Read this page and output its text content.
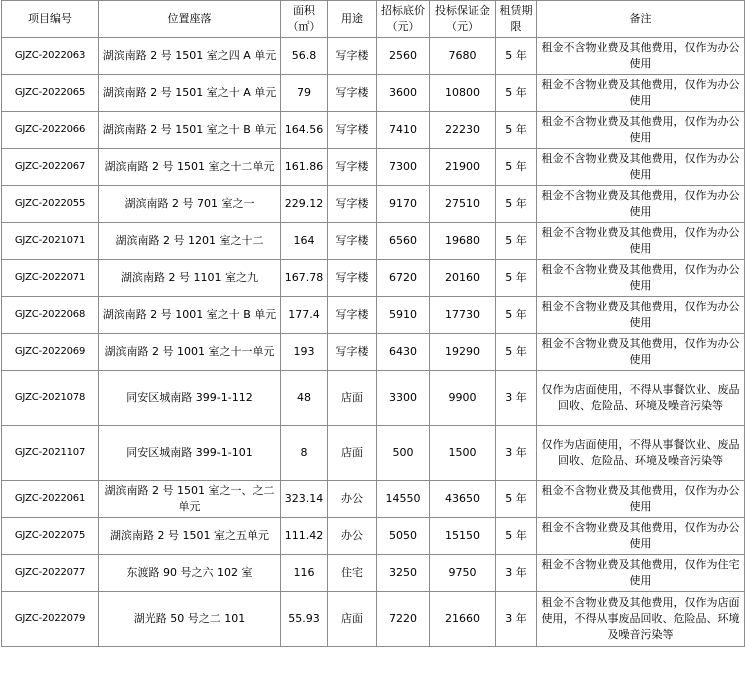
项目编号	位置座落	面积（㎡）	用途	招标底价（元）	投标保证金（元）	租赁期限	备注
GJZC-2022063	湖滨南路 2 号 1501 室之四 A 单元	56.8	写字楼	2560	7680	5 年	租金不含物业费及其他费用，仅作为办公使用
GJZC-2022065	湖滨南路 2 号 1501 室之十 A 单元	79	写字楼	3600	10800	5 年	租金不含物业费及其他费用，仅作为办公使用
GJZC-2022066	湖滨南路 2 号 1501 室之十 B 单元	164.56	写字楼	7410	22230	5 年	租金不含物业费及其他费用，仅作为办公使用
GJZC-2022067	湖滨南路 2 号 1501 室之十二单元	161.86	写字楼	7300	21900	5 年	租金不含物业费及其他费用，仅作为办公使用
GJZC-2022055	湖滨南路 2 号 701 室之一	229.12	写字楼	9170	27510	5 年	租金不含物业费及其他费用，仅作为办公使用
GJZC-2021071	湖滨南路 2 号 1201 室之十二	164	写字楼	6560	19680	5 年	租金不含物业费及其他费用，仅作为办公使用
GJZC-2022071	湖滨南路 2 号 1101 室之九	167.78	写字楼	6720	20160	5 年	租金不含物业费及其他费用，仅作为办公使用
GJZC-2022068	湖滨南路 2 号 1001 室之十 B 单元	177.4	写字楼	5910	17730	5 年	租金不含物业费及其他费用，仅作为办公使用
GJZC-2022069	湖滨南路 2 号 1001 室之十一单元	193	写字楼	6430	19290	5 年	租金不含物业费及其他费用，仅作为办公使用
GJZC-2021078	同安区城南路 399-1-112	48	店面	3300	9900	3 年	仅作为店面使用，不得从事餐饮业、废品回收、危险品、环境及噪音污染等
GJZC-2021107	同安区城南路 399-1-101	8	店面	500	1500	3 年	仅作为店面使用，不得从事餐饮业、废品回收、危险品、环境及噪音污染等
GJZC-2022061	湖滨南路 2 号 1501 室之一、之二单元	323.14	办公	14550	43650	5 年	租金不含物业费及其他费用，仅作为办公使用
GJZC-2022075	湖滨南路 2 号 1501 室之五单元	111.42	办公	5050	15150	5 年	租金不含物业费及其他费用，仅作为办公使用
GJZC-2022077	东渡路 90 号之六 102 室	116	住宅	3250	9750	3 年	租金不含物业费及其他费用，仅作为住宅使用
GJZC-2022079	湖光路 50 号之二 101	55.93	店面	7220	21660	3 年	租金不含物业费及其他费用，仅作为店面使用，不得从事废品回收、危险品、环境及噪音污染等
